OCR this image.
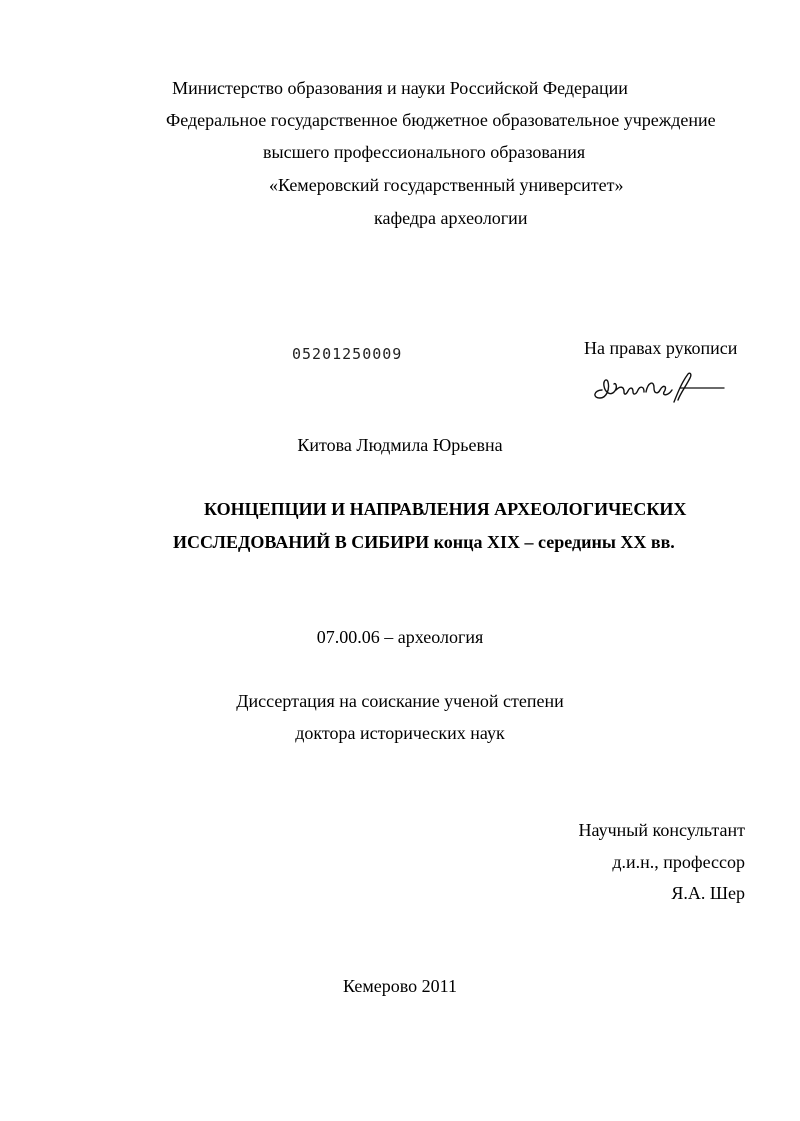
Министерство образования и науки Российской Федерации
Федеральное государственное бюджетное образовательное учреждение
высшего профессионального образования
«Кемеровский государственный университет»
кафедра археологии
05201250009	На правах рукописи
Китова Людмила Юрьевна
КОНЦЕПЦИИ И НАПРАВЛЕНИЯ АРХЕОЛОГИЧЕСКИХ
ИССЛЕДОВАНИЙ В СИБИРИ конца XIX – середины XX вв.
07.00.06 – археология
Диссертация на соискание ученой степени
доктора исторических наук
Научный консультант
д.и.н., профессор
Я.А. Шер
Кемерово 2011
